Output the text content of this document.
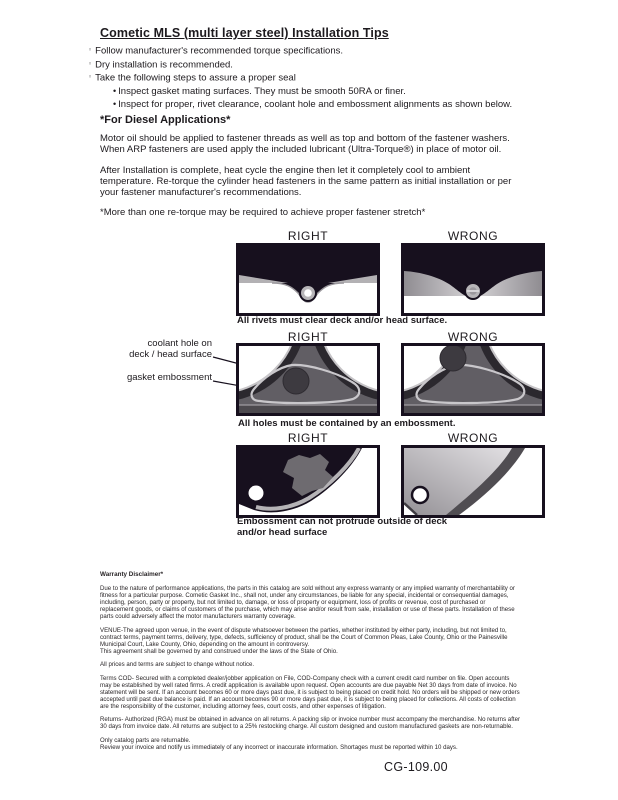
Cometic MLS (multi layer steel) Installation Tips
◦ Follow manufacturer's recommended torque specifications.
◦ Dry installation is recommended.
◦ Take the following steps to assure a proper seal
• Inspect gasket mating surfaces. They must be smooth 50RA or finer.
• Inspect for proper, rivet clearance, coolant hole and embossment alignments as shown below.
*For Diesel Applications*

Motor oil should be applied to fastener threads as well as top and bottom of the fastener washers. When ARP fasteners are used apply the included lubricant (Ultra-Torque®) in place of motor oil.

After Installation is complete, heat cycle the engine then let it completely cool to ambient temperature. Re-torque the cylinder head fasteners in the same pattern as initial installation or per your fastener manufacturer's recommendations.

*More than one re-torque may be required to achieve proper fastener stretch*

RIGHT	WRONG
All rivets must clear deck and/or head surface.
RIGHT	WRONG
coolant hole on
deck / head surface
gasket embossment
All holes must be contained by an embossment.
RIGHT	WRONG
Embossment can not protrude outside of deck
and/or head surface
Warranty Disclaimer*

Due to the nature of performance applications, the parts in this catalog are sold without any express warranty or any implied warranty of merchantability or fitness for a particular purpose. Cometic Gasket Inc., shall not, under any circumstances, be liable for any special, incidental or consequential damages, including, person, party or property, but not limited to, damage, or loss of property or equipment, loss of profits or revenue, cost of purchased or replacement goods, or claims of customers of the purchase, which may arise and/or result from sale, installation or use of these parts. Installation of these parts could adversely affect the motor manufacturers warranty coverage.

VENUE-The agreed upon venue, in the event of dispute whatsoever between the parties, whether instituted by either party, including, but not limited to, contract terms, payment terms, delivery, type, defects, sufficiency of product, shall be the Court of Common Pleas, Lake County, Ohio or the Painesville Municipal Court, Lake County, Ohio, depending on the amount in controversy.
This agreement shall be governed by and construed under the laws of the State of Ohio.

All prices and terms are subject to change without notice.

Terms COD- Secured with a completed dealer/jobber application on File, COD-Company check with a current credit card number on file. Open accounts may be established by well rated firms. A credit application is available upon request. Open accounts are due payable Net 30 days from date of invoice. No statement will be sent. If an account becomes 60 or more days past due, it is subject to being placed on credit hold. No orders will be shipped or new orders accepted until past due balance is paid. If an account becomes 90 or more days past due, it is subject to being placed for collections. All costs of collection are the responsibility of the customer, including attorney fees, court costs, and other expenses of litigation.

Returns- Authorized (RGA) must be obtained in advance on all returns. A packing slip or invoice number must accompany the merchandise. No returns after 30 days from invoice date. All returns are subject to a 25% restocking charge. All custom designed and custom manufactured gaskets are non-returnable.

Only catalog parts are returnable.
Review your invoice and notify us immediately of any incorrect or inaccurate information. Shortages must be reported within 10 days.

CG-109.00
